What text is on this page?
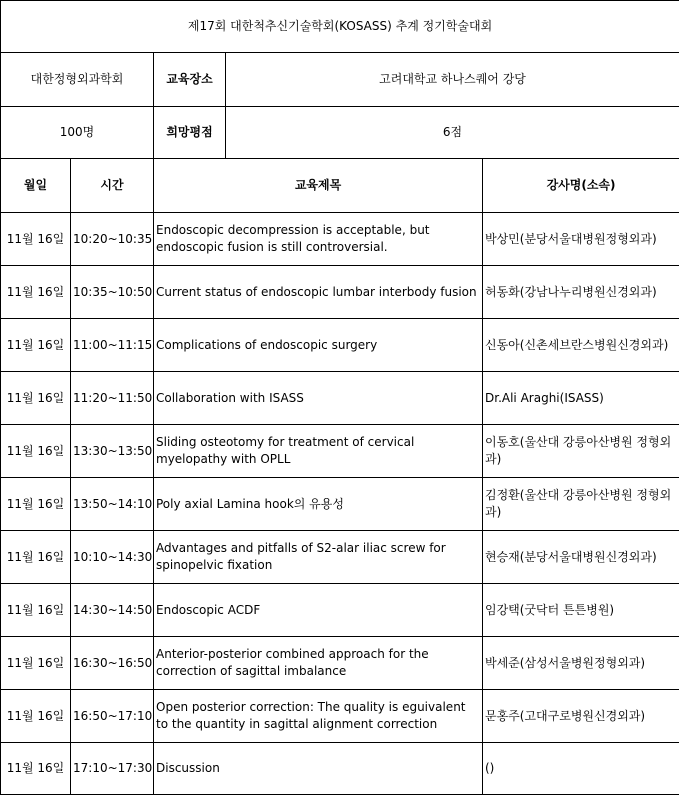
제17회 대한척추신기술학회(KOSASS) 추계 정기학술대회				
대한정형외과학회		교육장소	고려대학교 하나스퀘어 강당	
100명		희망평점	6점	
월일	시간	교육제목		강사명(소속)
11월 16일	10:20~10:35	Endoscopic decompression is acceptable, but endoscopic fusion is still controversial.		박상민(분당서울대병원정형외과)
11월 16일	10:35~10:50	Current status of endoscopic lumbar interbody fusion		허동화(강남나누리병원신경외과)
11월 16일	11:00~11:15	Complications of endoscopic surgery		신동아(신촌세브란스병원신경외과)
11월 16일	11:20~11:50	Collaboration with ISASS		Dr.Ali Araghi(ISASS)
11월 16일	13:30~13:50	Sliding osteotomy for treatment of cervical myelopathy with OPLL		이동호(울산대 강릉아산병원 정형외과)
11월 16일	13:50~14:10	Poly axial Lamina hook의 유용성		김정환(울산대 강릉아산병원 정형외과)
11월 16일	10:10~14:30	Advantages and pitfalls of S2-alar iliac screw for spinopelvic fixation		현승재(분당서울대병원신경외과)
11월 16일	14:30~14:50	Endoscopic ACDF		임강택(굿닥터 튼튼병원)
11월 16일	16:30~16:50	Anterior-posterior combined approach for the correction of sagittal imbalance		박세준(삼성서울병원정형외과)
11월 16일	16:50~17:10	Open posterior correction: The quality is eguivalent to the quantity in sagittal alignment correction		문홍주(고대구로병원신경외과)
11월 16일	17:10~17:30	Discussion		()
